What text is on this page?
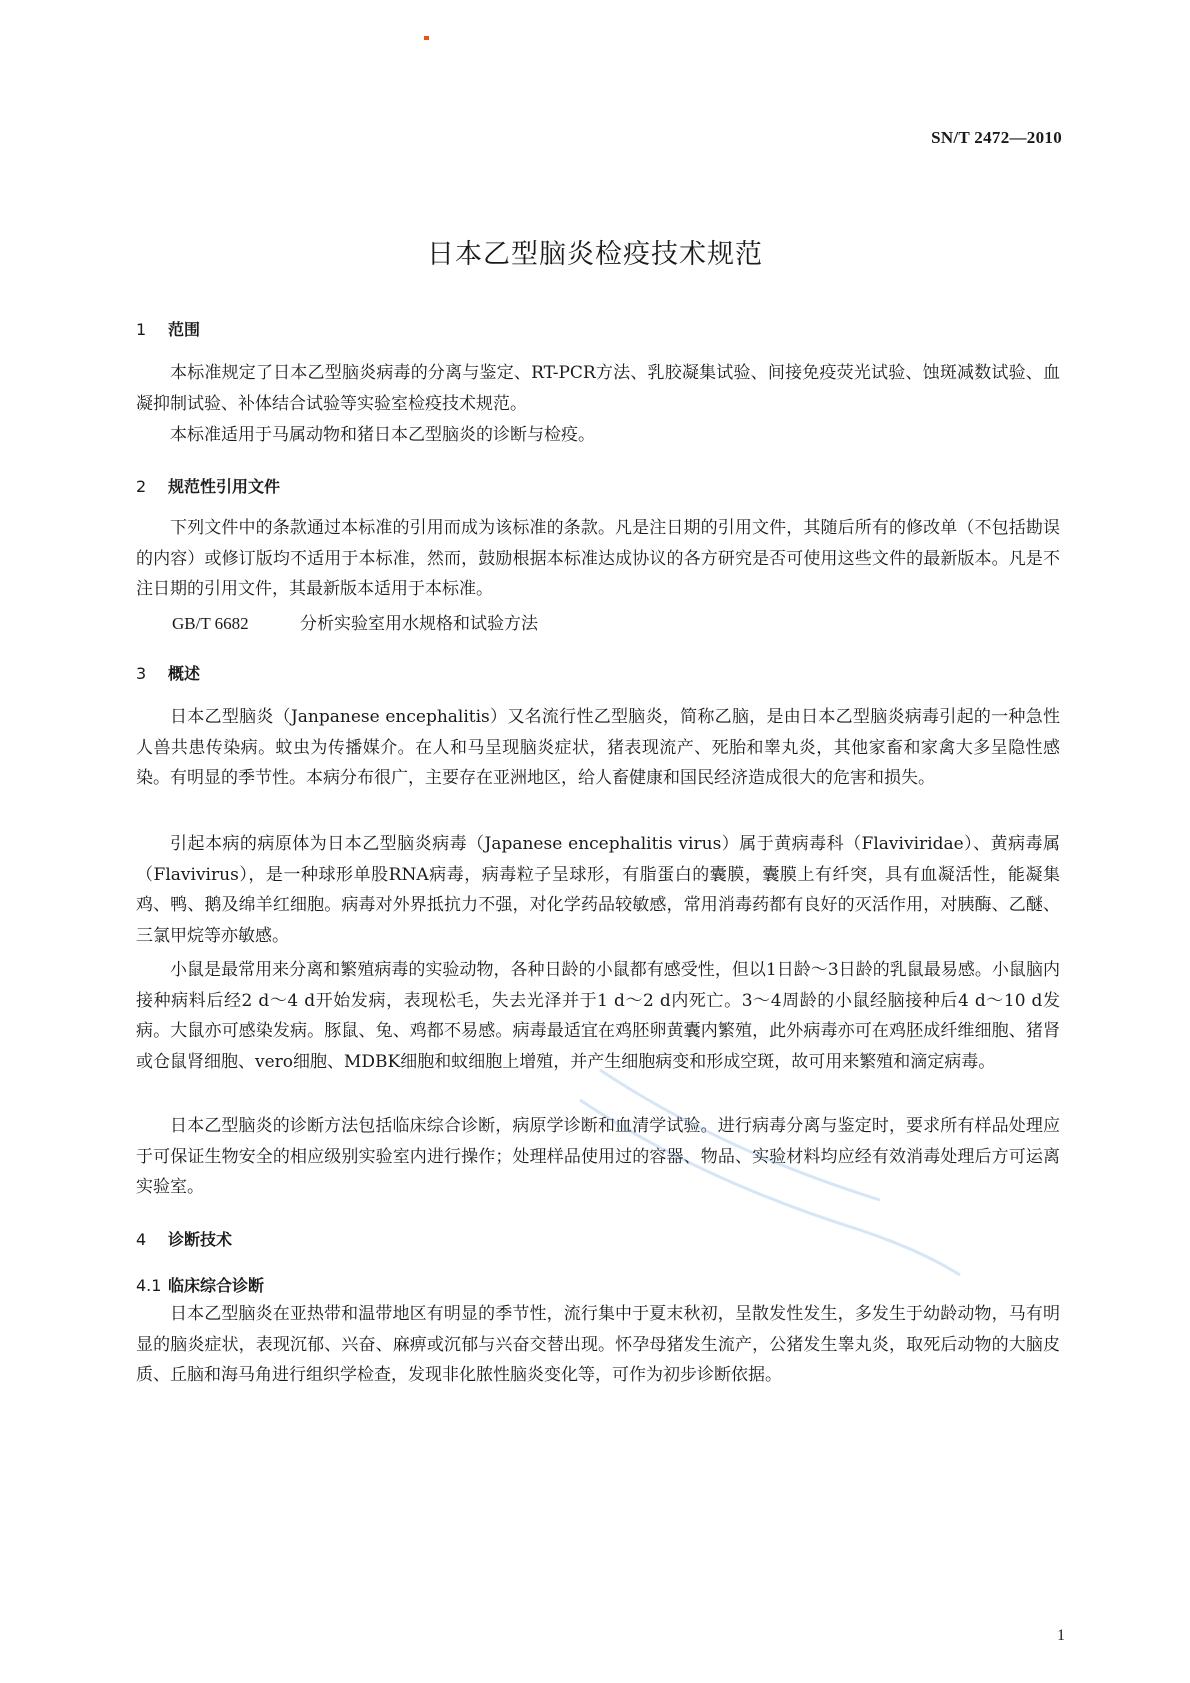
SN/T 2472—2010
日本乙型脑炎检疫技术规范
1 范围

本标准规定了日本乙型脑炎病毒的分离与鉴定、RT-PCR方法、乳胶凝集试验、间接免疫荧光试验、蚀斑减数试验、血凝抑制试验、补体结合试验等实验室检疫技术规范。

本标准适用于马属动物和猪日本乙型脑炎的诊断与检疫。

2 规范性引用文件

下列文件中的条款通过本标准的引用而成为该标准的条款。凡是注日期的引用文件，其随后所有的修改单（不包括勘误的内容）或修订版均不适用于本标准，然而，鼓励根据本标准达成协议的各方研究是否可使用这些文件的最新版本。凡是不注日期的引用文件，其最新版本适用于本标准。

GB/T 6682	分析实验室用水规格和试验方法
3 概述

日本乙型脑炎（Janpanese encephalitis）又名流行性乙型脑炎，简称乙脑，是由日本乙型脑炎病毒引起的一种急性人兽共患传染病。蚊虫为传播媒介。在人和马呈现脑炎症状，猪表现流产、死胎和睾丸炎，其他家畜和家禽大多呈隐性感染。有明显的季节性。本病分布很广，主要存在亚洲地区，给人畜健康和国民经济造成很大的危害和损失。

引起本病的病原体为日本乙型脑炎病毒（Japanese encephalitis virus）属于黄病毒科（Flaviviridae）、黄病毒属（Flavivirus），是一种球形单股RNA病毒，病毒粒子呈球形，有脂蛋白的囊膜，囊膜上有纤突，具有血凝活性，能凝集鸡、鸭、鹅及绵羊红细胞。病毒对外界抵抗力不强，对化学药品较敏感，常用消毒药都有良好的灭活作用，对胰酶、乙醚、三氯甲烷等亦敏感。

小鼠是最常用来分离和繁殖病毒的实验动物，各种日龄的小鼠都有感受性，但以1日龄～3日龄的乳鼠最易感。小鼠脑内接种病料后经2 d～4 d开始发病，表现松毛，失去光泽并于1 d～2 d内死亡。3～4周龄的小鼠经脑接种后4 d～10 d发病。大鼠亦可感染发病。豚鼠、兔、鸡都不易感。病毒最适宜在鸡胚卵黄囊内繁殖，此外病毒亦可在鸡胚成纤维细胞、猪肾或仓鼠肾细胞、vero细胞、MDBK细胞和蚊细胞上增殖，并产生细胞病变和形成空斑，故可用来繁殖和滴定病毒。

日本乙型脑炎的诊断方法包括临床综合诊断，病原学诊断和血清学试验。进行病毒分离与鉴定时，要求所有样品处理应于可保证生物安全的相应级别实验室内进行操作；处理样品使用过的容器、物品、实验材料均应经有效消毒处理后方可运离实验室。

4 诊断技术
4.1 临床综合诊断

日本乙型脑炎在亚热带和温带地区有明显的季节性，流行集中于夏末秋初，呈散发性发生，多发生于幼龄动物，马有明显的脑炎症状，表现沉郁、兴奋、麻痹或沉郁与兴奋交替出现。怀孕母猪发生流产，公猪发生睾丸炎，取死后动物的大脑皮质、丘脑和海马角进行组织学检查，发现非化脓性脑炎变化等，可作为初步诊断依据。

1
